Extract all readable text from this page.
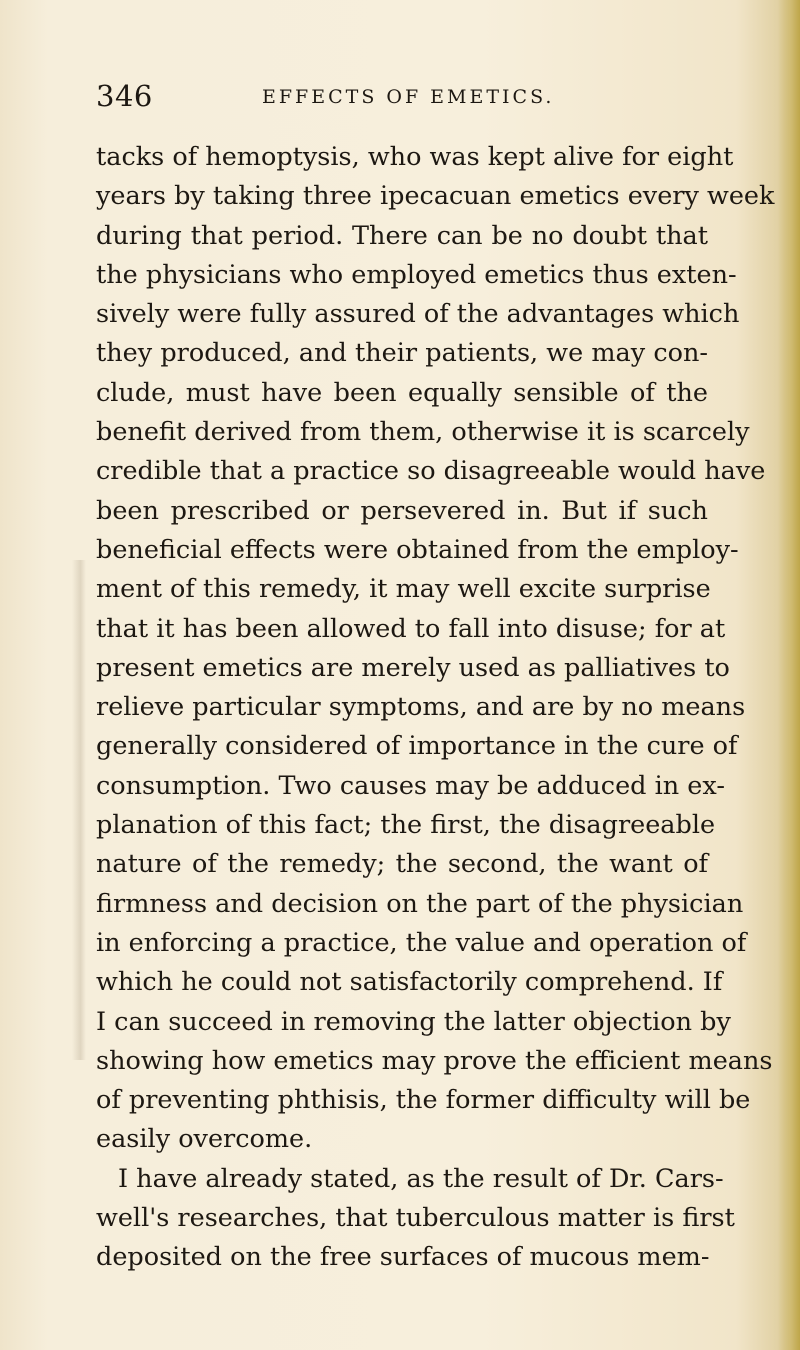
346	EFFECTS OF EMETICS.
tacks of hemoptysis, who was kept alive for eight
years by taking three ipecacuan emetics every week
during that period. There can be no doubt that
the physicians who employed emetics thus exten-
sively were fully assured of the advantages which
they produced, and their patients, we may con-
clude, must have been equally sensible of the
benefit derived from them, otherwise it is scarcely
credible that a practice so disagreeable would have
been prescribed or persevered in. But if such
beneficial effects were obtained from the employ-
ment of this remedy, it may well excite surprise
that it has been allowed to fall into disuse; for at
present emetics are merely used as palliatives to
relieve particular symptoms, and are by no means
generally considered of importance in the cure of
consumption. Two causes may be adduced in ex-
planation of this fact; the first, the disagreeable
nature of the remedy; the second, the want of
firmness and decision on the part of the physician
in enforcing a practice, the value and operation of
which he could not satisfactorily comprehend. If
I can succeed in removing the latter objection by
showing how emetics may prove the efficient means
of preventing phthisis, the former difficulty will be
easily overcome.
I have already stated, as the result of Dr. Cars-
well's researches, that tuberculous matter is first
deposited on the free surfaces of mucous mem-
